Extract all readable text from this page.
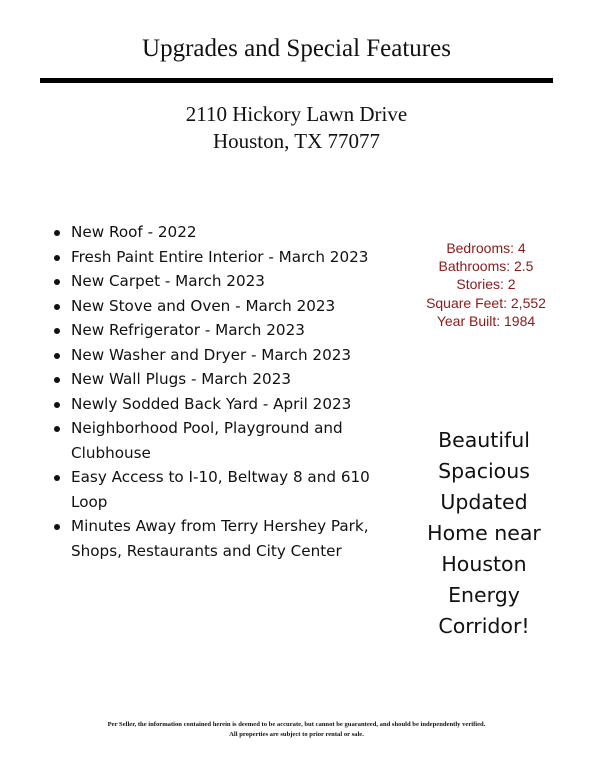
Upgrades and Special Features
2110 Hickory Lawn Drive
Houston, TX 77077
New Roof - 2022
Fresh Paint Entire Interior - March 2023
New Carpet - March 2023
New Stove and Oven - March 2023
New Refrigerator - March 2023
New Washer and Dryer - March 2023
New Wall Plugs - March 2023
Newly Sodded Back Yard - April 2023
Neighborhood Pool, Playground and Clubhouse
Easy Access to I-10, Beltway 8 and 610 Loop
Minutes Away from Terry Hershey Park, Shops, Restaurants and City Center
Bedrooms: 4
Bathrooms: 2.5
Stories: 2
Square Feet: 2,552
Year Built: 1984
Beautiful
Spacious
Updated
Home near
Houston
Energy
Corridor!
Per Seller, the information contained herein is deemed to be accurate, but cannot be guaranteed, and should be independently verified.
All properties are subject to prior rental or sale.
